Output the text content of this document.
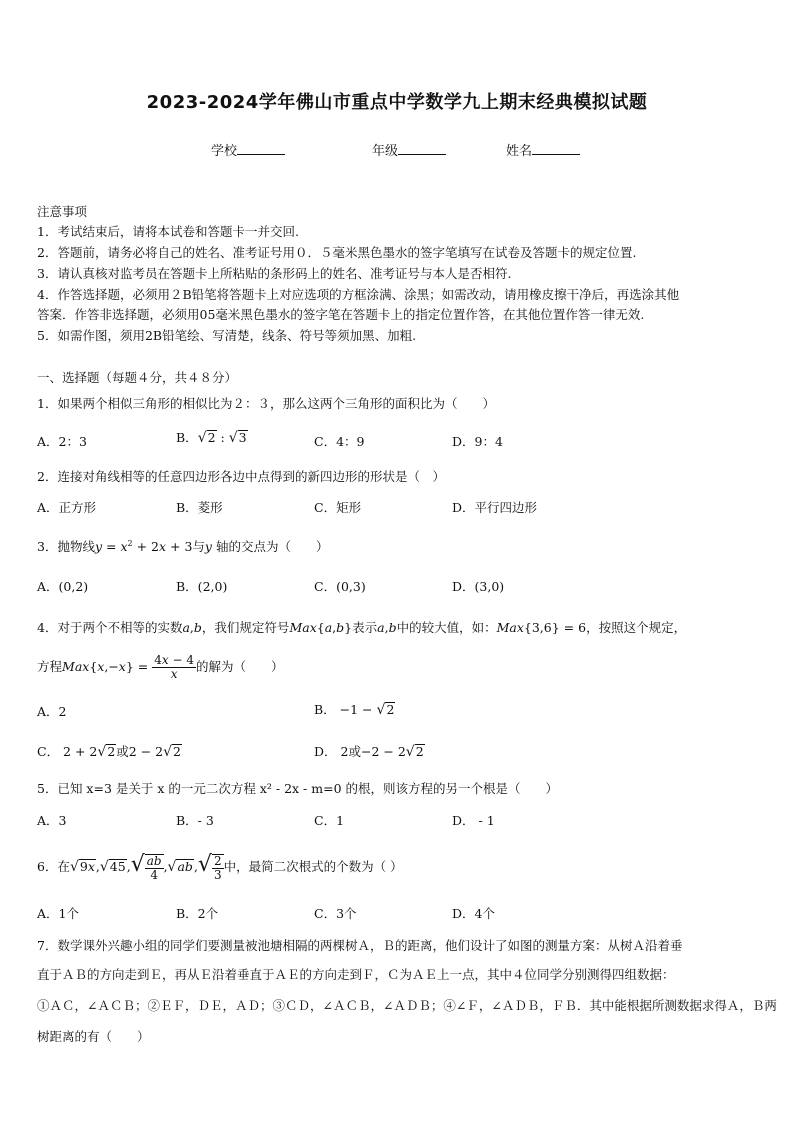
2023-2024学年佛山市重点中学数学九上期末经典模拟试题
学校	年级	姓名
注意事项
1．考试结束后，请将本试卷和答题卡一并交回.
2．答题前，请务必将自己的姓名、准考证号用０．５毫米黑色墨水的签字笔填写在试卷及答题卡的规定位置.
3．请认真核对监考员在答题卡上所粘贴的条形码上的姓名、准考证号与本人是否相符.
4．作答选择题，必须用２B铅笔将答题卡上对应选项的方框涂满、涂黑；如需改动，请用橡皮擦干净后，再选涂其他
答案．作答非选择题，必须用05毫米黑色墨水的签字笔在答题卡上的指定位置作答，在其他位置作答一律无效.
5．如需作图，须用2B铅笔绘、写清楚，线条、符号等须加黑、加粗.
一、选择题（每题４分，共４８分）
1．如果两个相似三角形的相似比为２：３，那么这两个三角形的面积比为（　　）
A．2：3	B．√2 : √3	C．4：9	D．9：4
2．连接对角线相等的任意四边形各边中点得到的新四边形的形状是（　）
A．正方形	B．菱形	C．矩形	D．平行四边形
3．抛物线$y = x^2 + 2x + 3$与y 轴的交点为（　　）
A．(0,2)	B．(2,0)	C．(0,3)	D．(3,0)
4．对于两个不相等的实数a,b，我们规定符号Max{a,b}表示a,b中的较大值，如：Max{3,6} = 6，按照这个规定，
方程$Max\{x,-x\} = \frac{4x - 4}{x}$ 的解为（　　）
A．2	B． −1 − √2
C． 2 + 2√2或2 − 2√2	D． 2或−2 − 2√2
5．已知 x=3 是关于 x 的一元二次方程 x² - 2x - m=0 的根，则该方程的另一个根是（　　）
A．3	B．- 3	C．1	D． - 1
6．在$√9x,√45,√ \frac{ab}{4} ,√ab,√ \frac{2}{3}$ 中，最简二次根式的个数为（ ）
A．1个	B．2个	C．3个	D．4个
7．数学课外兴趣小组的同学们要测量被池塘相隔的两棵树Ａ，Ｂ的距离，他们设计了如图的测量方案：从树Ａ沿着垂
直于ＡＢ的方向走到Ｅ，再从Ｅ沿着垂直于ＡＥ的方向走到Ｆ，Ｃ为ＡＥ上一点，其中４位同学分别测得四组数据：
①ＡＣ，∠ＡＣＢ；②ＥＦ，ＤＥ，ＡＤ；③ＣＤ，∠ＡＣＢ，∠ＡＤＢ；④∠Ｆ，∠ＡＤＢ，ＦＢ．其中能根据所测数据求得Ａ，Ｂ两
树距离的有（　　）
